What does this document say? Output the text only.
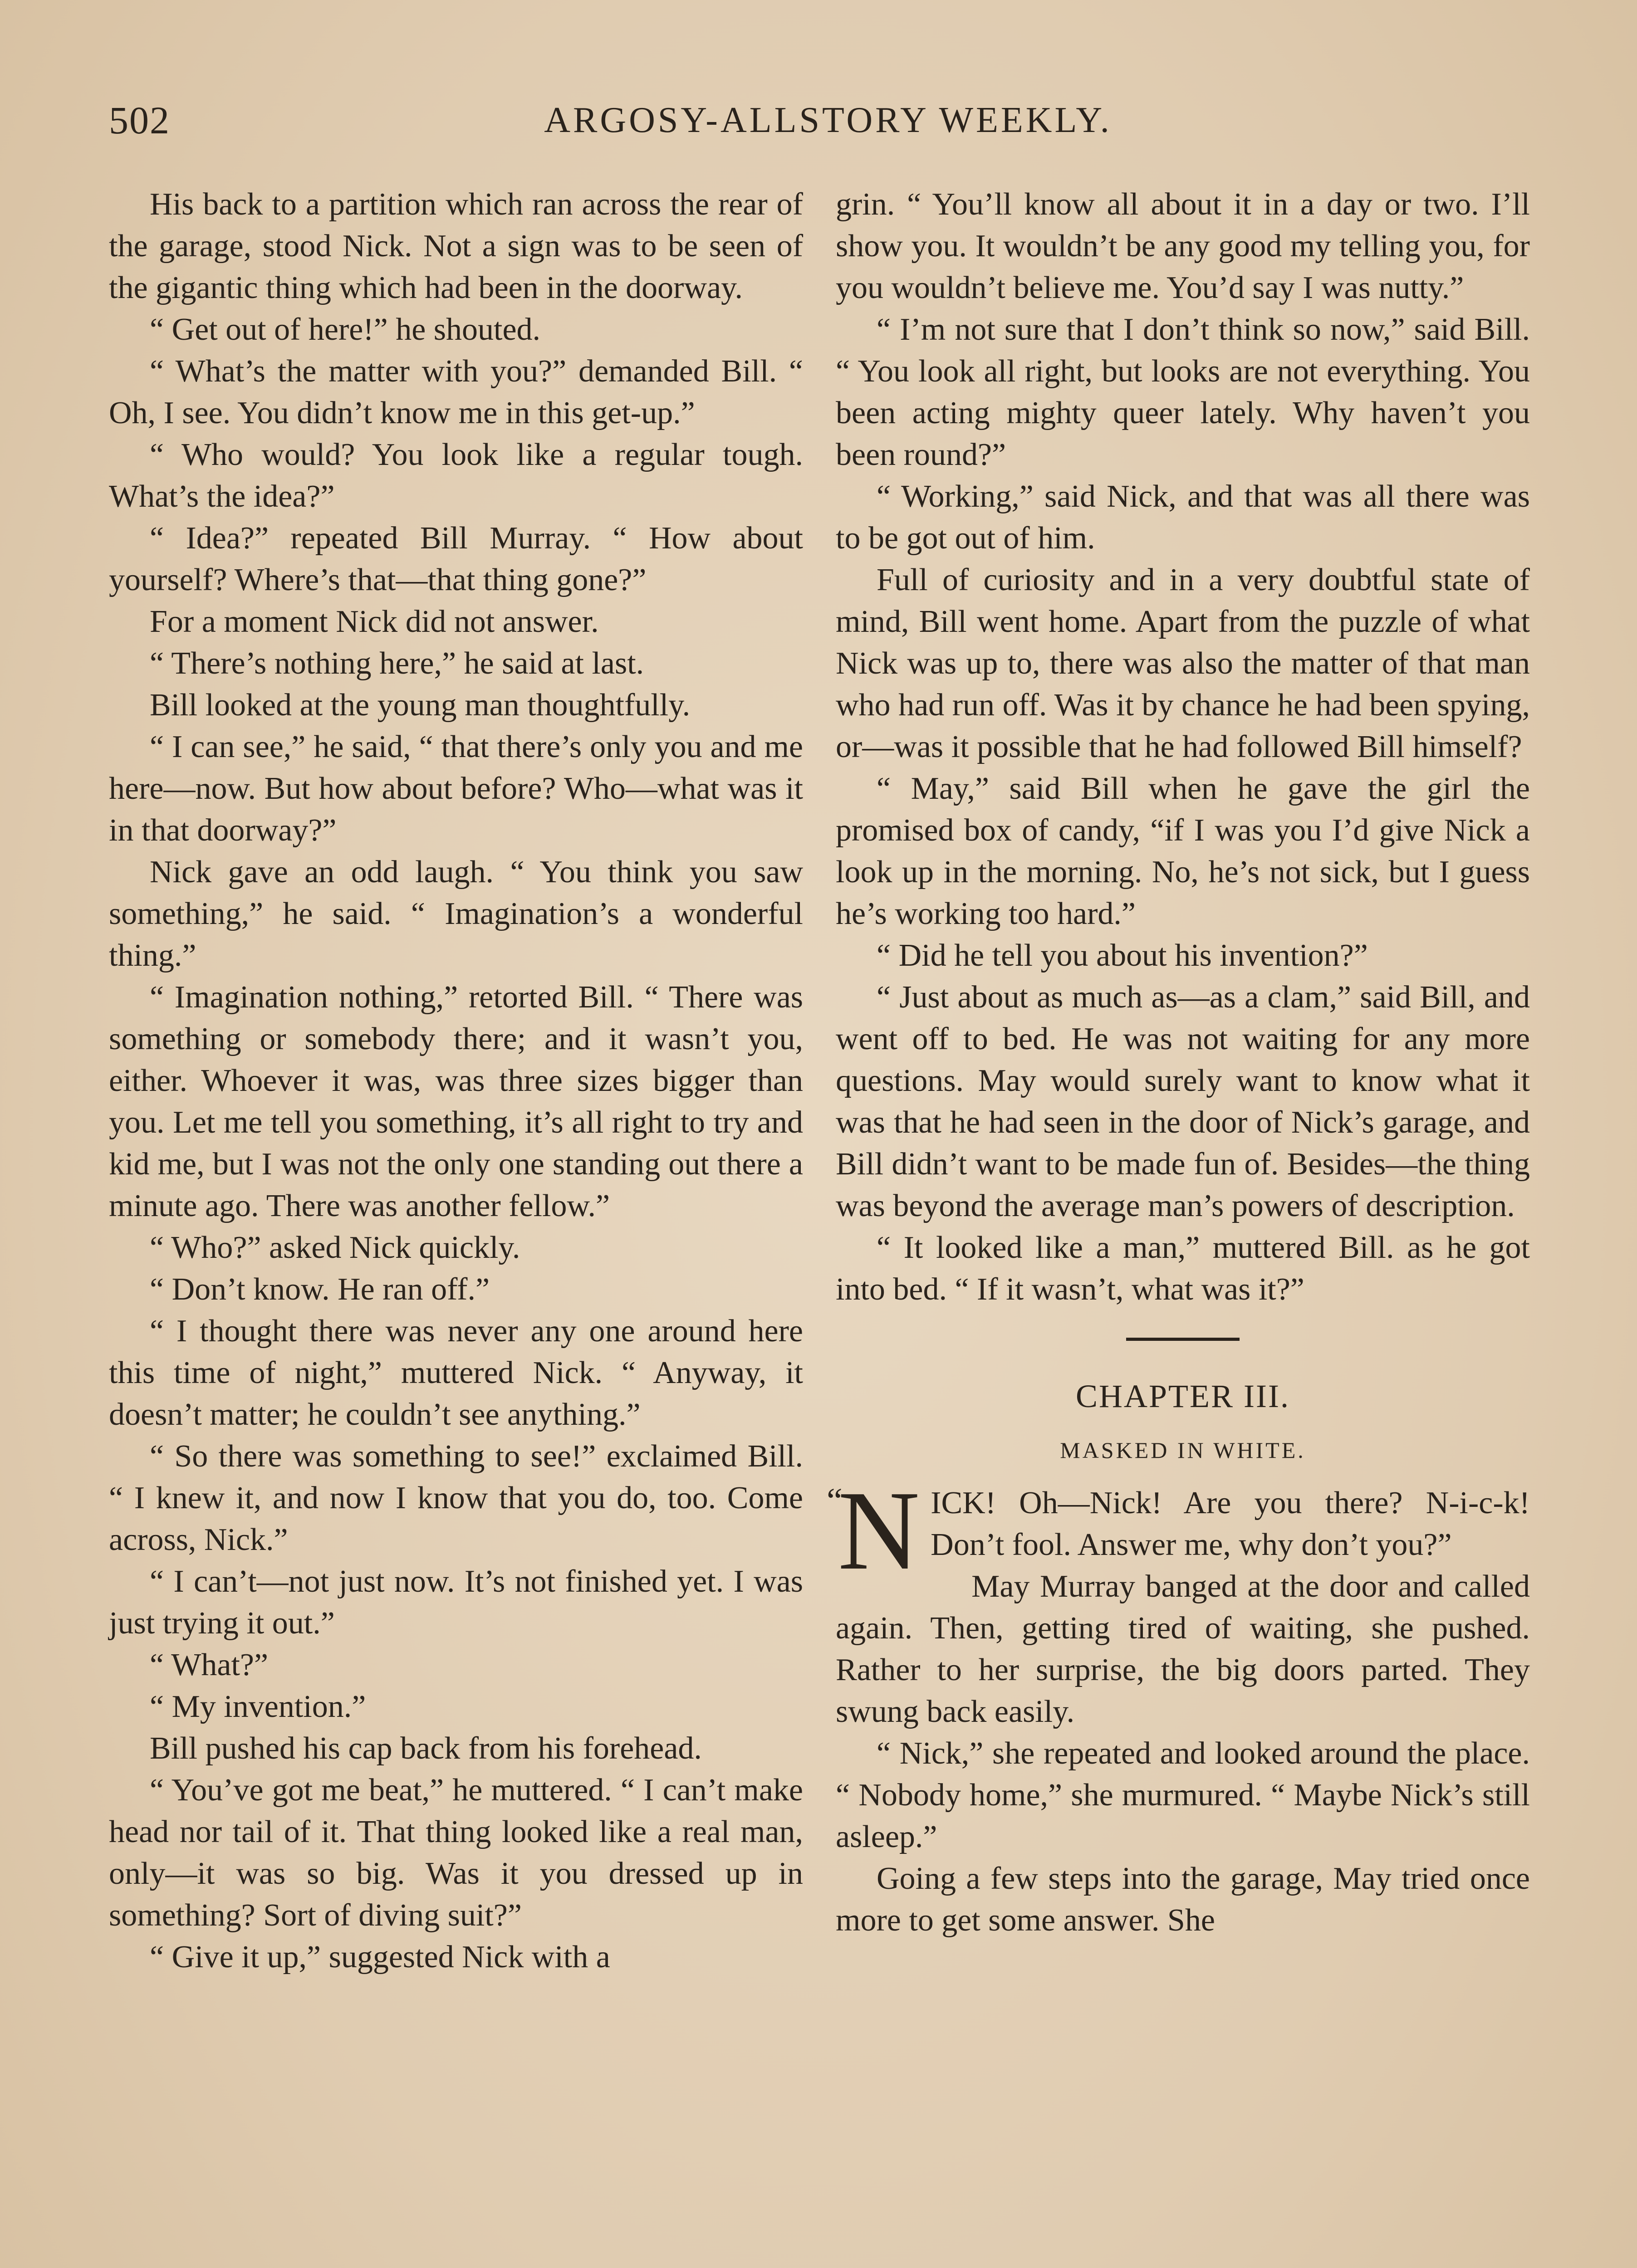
502	ARGOSY-ALLSTORY WEEKLY.

His back to a partition which ran across the rear of the garage, stood Nick. Not a sign was to be seen of the gigantic thing which had been in the doorway.

“ Get out of here!” he shouted.

“ What’s the matter with you?” demanded Bill. “ Oh, I see. You didn’t know me in this get-up.”

“ Who would? You look like a regular tough. What’s the idea?”

“ Idea?” repeated Bill Murray. “ How about yourself? Where’s that—that thing gone?”

For a moment Nick did not answer.

“ There’s nothing here,” he said at last.

Bill looked at the young man thoughtfully.

“ I can see,” he said, “ that there’s only you and me here—now. But how about before? Who—what was it in that doorway?”

Nick gave an odd laugh. “ You think you saw something,” he said. “ Imagination’s a wonderful thing.”

“ Imagination nothing,” retorted Bill. “ There was something or somebody there; and it wasn’t you, either. Whoever it was, was three sizes bigger than you. Let me tell you something, it’s all right to try and kid me, but I was not the only one standing out there a minute ago. There was another fellow.”

“ Who?” asked Nick quickly.

“ Don’t know. He ran off.”

“ I thought there was never any one around here this time of night,” muttered Nick. “ Anyway, it doesn’t matter; he couldn’t see anything.”

“ So there was something to see!” exclaimed Bill. “ I knew it, and now I know that you do, too. Come across, Nick.”

“ I can’t—not just now. It’s not finished yet. I was just trying it out.”

“ What?”

“ My invention.”

Bill pushed his cap back from his forehead.

“ You’ve got me beat,” he muttered. “ I can’t make head nor tail of it. That thing looked like a real man, only—it was so big. Was it you dressed up in something? Sort of diving suit?”

“ Give it up,” suggested Nick with a

grin. “ You’ll know all about it in a day or two. I’ll show you. It wouldn’t be any good my telling you, for you wouldn’t believe me. You’d say I was nutty.”

“ I’m not sure that I don’t think so now,” said Bill. “ You look all right, but looks are not everything. You been acting mighty queer lately. Why haven’t you been round?”

“ Working,” said Nick, and that was all there was to be got out of him.

Full of curiosity and in a very doubtful state of mind, Bill went home. Apart from the puzzle of what Nick was up to, there was also the matter of that man who had run off. Was it by chance he had been spying, or—was it possible that he had followed Bill himself?

“ May,” said Bill when he gave the girl the promised box of candy, “if I was you I’d give Nick a look up in the morning. No, he’s not sick, but I guess he’s working too hard.”

“ Did he tell you about his invention?”

“ Just about as much as—as a clam,” said Bill, and went off to bed. He was not waiting for any more questions. May would surely want to know what it was that he had seen in the door of Nick’s garage, and Bill didn’t want to be made fun of. Besides—the thing was beyond the average man’s powers of description.

“ It looked like a man,” muttered Bill. as he got into bed. “ If it wasn’t, what was it?”

CHAPTER III.
MASKED IN WHITE.

“
N ICK! Oh—Nick! Are you there? N-i-c-k! Don’t fool. Answer me, why don’t you?”

May Murray banged at the door and called again. Then, getting tired of waiting, she pushed. Rather to her surprise, the big doors parted. They swung back easily.

“ Nick,” she repeated and looked around the place. “ Nobody home,” she murmured. “ Maybe Nick’s still asleep.”

Going a few steps into the garage, May tried once more to get some answer. She
